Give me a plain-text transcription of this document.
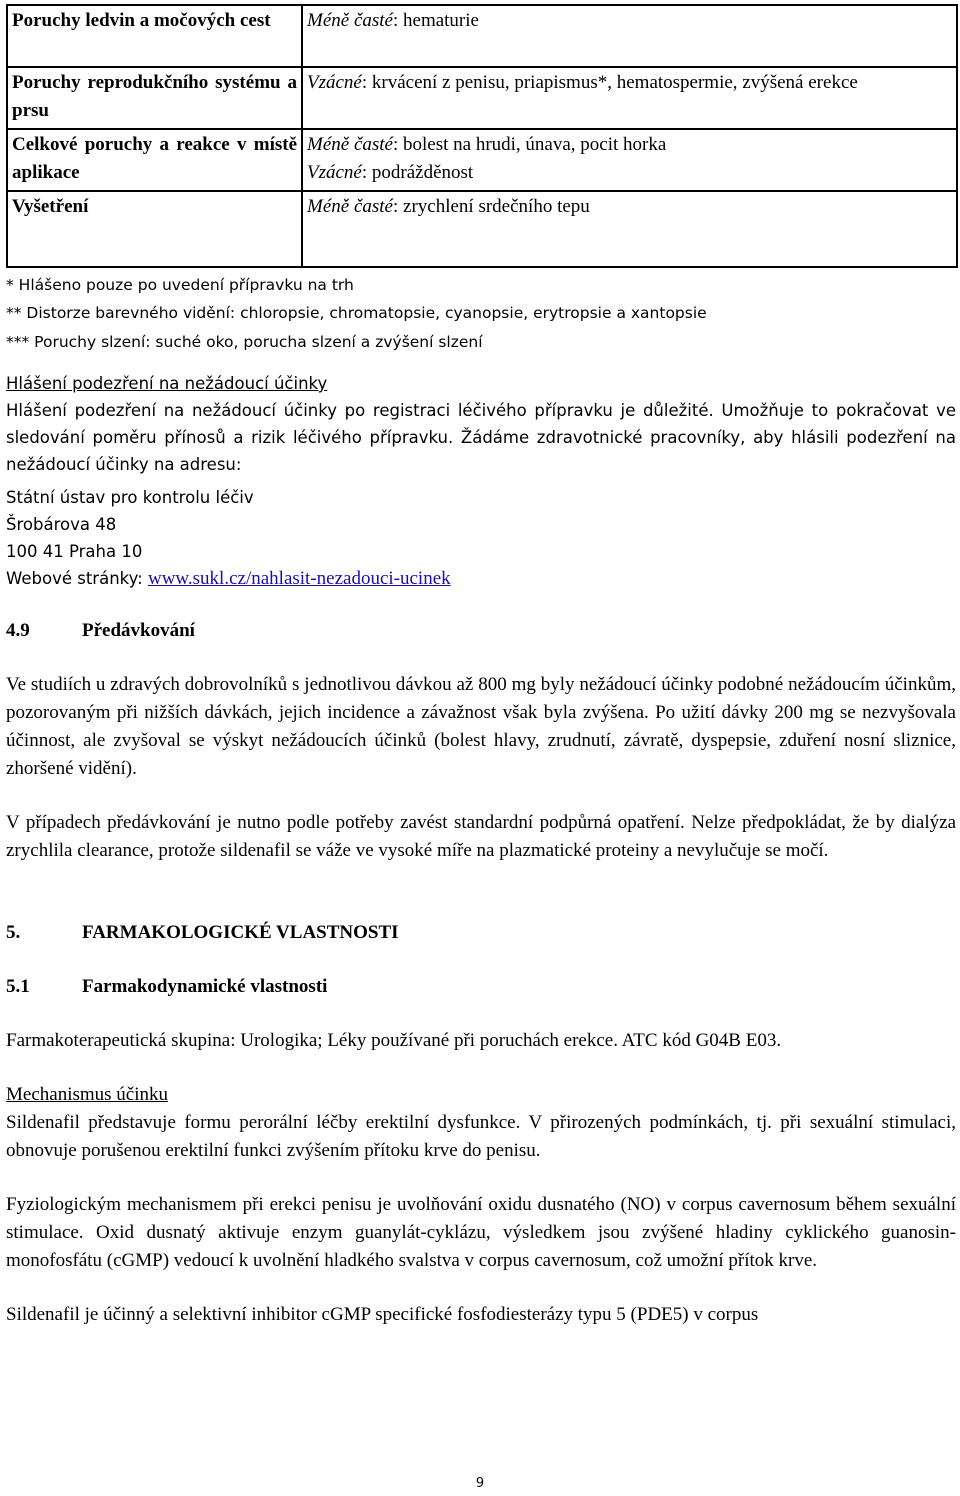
Poruchy ledvin a močových cest	Méně časté: hematurie
Poruchy reprodukčního systému a prsu	Vzácné: krvácení z penisu, priapismus*, hematospermie, zvýšená erekce
Celkové poruchy a reakce v místě aplikace	Méně časté: bolest na hrudi, únava, pocit horka
Vzácné: podrážděnost

Vyšetření	Méně časté: zrychlení srdečního tepu
* Hlášeno pouze po uvedení přípravku na trh
** Distorze barevného vidění: chloropsie, chromatopsie, cyanopsie, erytropsie a xantopsie
*** Poruchy slzení: suché oko, porucha slzení a zvýšení slzení
Hlášení podezření na nežádoucí účinky

Hlášení podezření na nežádoucí účinky po registraci léčivého přípravku je důležité. Umožňuje to pokračovat ve sledování poměru přínosů a rizik léčivého přípravku. Žádáme zdravotnické pracovníky, aby hlásili podezření na nežádoucí účinky na adresu:

Státní ústav pro kontrolu léčiv
Šrobárova 48
100 41 Praha 10
Webové stránky: www.sukl.cz/nahlasit-nezadouci-ucinek
4.9	Předávkování

Ve studiích u zdravých dobrovolníků s jednotlivou dávkou až 800 mg byly nežádoucí účinky podobné nežádoucím účinkům, pozorovaným při nižších dávkách, jejich incidence a závažnost však byla zvýšena. Po užití dávky 200 mg se nezvyšovala účinnost, ale zvyšoval se výskyt nežádoucích účinků (bolest hlavy, zrudnutí, závratě, dyspepsie, zduření nosní sliznice, zhoršené vidění).

V případech předávkování je nutno podle potřeby zavést standardní podpůrná opatření. Nelze předpokládat, že by dialýza zrychlila clearance, protože sildenafil se váže ve vysoké míře na plazmatické proteiny a nevylučuje se močí.

5.	FARMAKOLOGICKÉ VLASTNOSTI
5.1	Farmakodynamické vlastnosti

Farmakoterapeutická skupina: Urologika; Léky používané při poruchách erekce. ATC kód G04B E03.

Mechanismus účinku

Sildenafil představuje formu perorální léčby erektilní dysfunkce. V přirozených podmínkách, tj. při sexuální stimulaci, obnovuje porušenou erektilní funkci zvýšením přítoku krve do penisu.

Fyziologickým mechanismem při erekci penisu je uvolňování oxidu dusnatého (NO) v corpus cavernosum během sexuální stimulace. Oxid dusnatý aktivuje enzym guanylát-cyklázu, výsledkem jsou zvýšené hladiny cyklického guanosin-monofosfátu (cGMP) vedoucí k uvolnění hladkého svalstva v corpus cavernosum, což umožní přítok krve.

Sildenafil je účinný a selektivní inhibitor cGMP specifické fosfodiesterázy typu 5 (PDE5) v corpus

9
